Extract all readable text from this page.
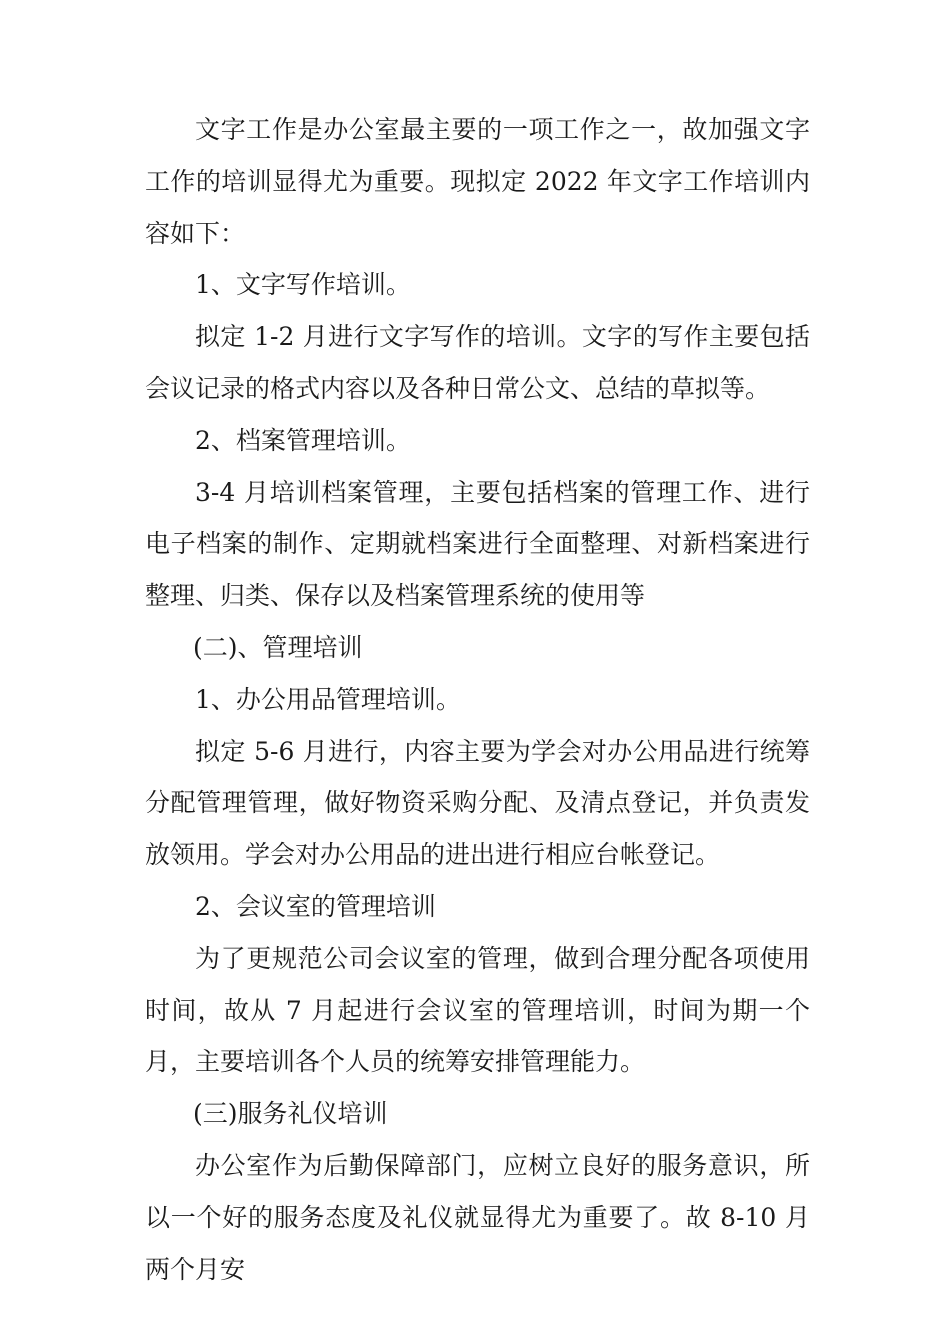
文字工作是办公室最主要的一项工作之一，故加强文字工作的培训显得尤为重要。现拟定 2022 年文字工作培训内容如下：

1、文字写作培训。

拟定 1-2 月进行文字写作的培训。文字的写作主要包括会议记录的格式内容以及各种日常公文、总结的草拟等。

2、档案管理培训。

3-4 月培训档案管理，主要包括档案的管理工作、进行电子档案的制作、定期就档案进行全面整理、对新档案进行整理、归类、保存以及档案管理系统的使用等

(二)、管理培训

1、办公用品管理培训。

拟定 5-6 月进行，内容主要为学会对办公用品进行统筹分配管理管理，做好物资采购分配、及清点登记，并负责发放领用。学会对办公用品的进出进行相应台帐登记。

2、会议室的管理培训

为了更规范公司会议室的管理，做到合理分配各项使用时间，故从 7 月起进行会议室的管理培训，时间为期一个月，主要培训各个人员的统筹安排管理能力。

(三)服务礼仪培训

办公室作为后勤保障部门，应树立良好的服务意识，所以一个好的服务态度及礼仪就显得尤为重要了。故 8-10 月两个月安
